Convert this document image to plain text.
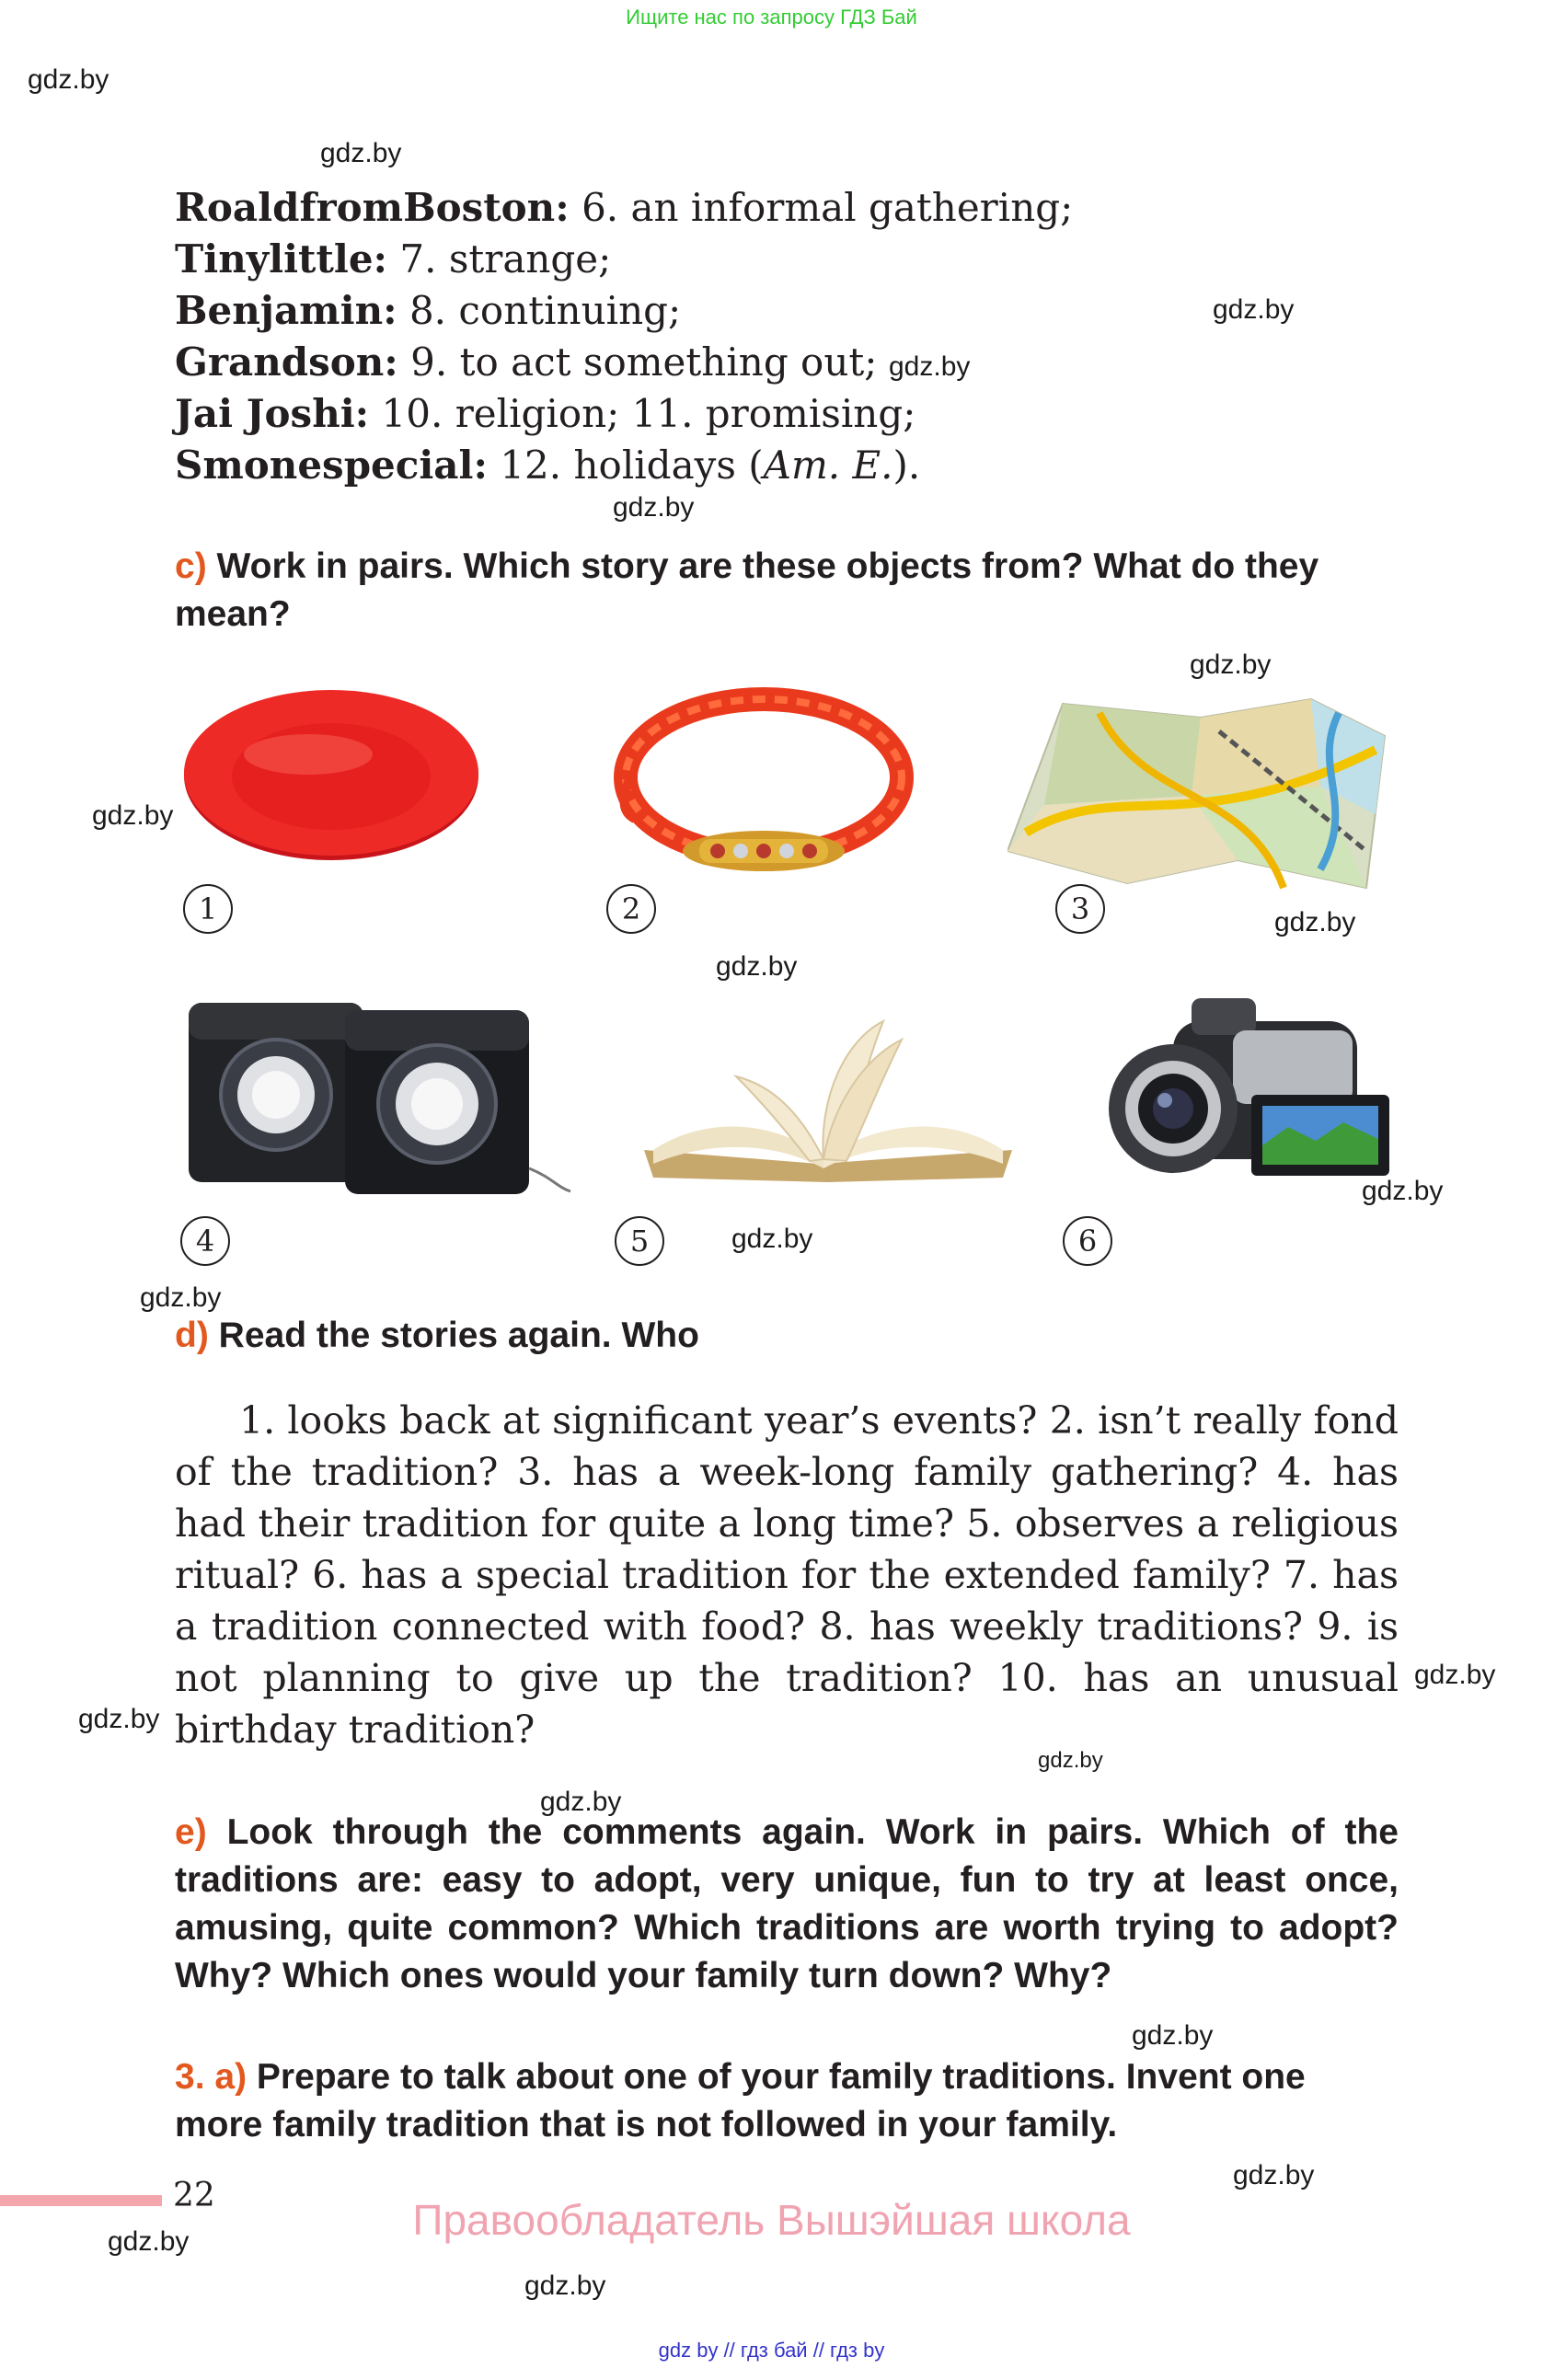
Ищите нас по запросу ГДЗ Бай
gdz.by
gdz.by
gdz.by
gdz.by
gdz.by
gdz.by
gdz.by
gdz.by
gdz.by
gdz.by
gdz.by
gdz.by
gdz.by
gdz.by
gdz.by
gdz.by
gdz.by
gdz.by
gdz.by
gdz.by
RoaldfromBoston: 6. an informal gathering;
Tinylittle: 7. strange;
Benjamin: 8. continuing;
Grandson: 9. to act something out;
Jai Joshi: 10. religion; 11. promising;
Smonespecial: 12. holidays (Am. E.).
c) Work in pairs. Which story are these objects from? What do they mean?
1	2	3
4	5	6
d) Read the stories again. Who
1. looks back at significant year’s events? 2. isn’t really fond of the tradition? 3. has a week-long family gathering? 4. has had their tradition for quite a long time? 5. observes a religious ritual? 6. has a special tradition for the extended family? 7. has a tradition connected with food? 8. has weekly traditions? 9. is not planning to give up the tradition? 10. has an unusual birthday tradition?
e) Look through the comments again. Work in pairs. Which of the traditions are: easy to adopt, very unique, fun to try at least once, amusing, quite common? Which traditions are worth trying to adopt? Why? Which ones would your family turn down? Why?
3. a) Prepare to talk about one of your family traditions. Invent one more family tradition that is not followed in your family.
22
Правообладатель Вышэйшая школа
gdz by // гдз бай // гдз by
